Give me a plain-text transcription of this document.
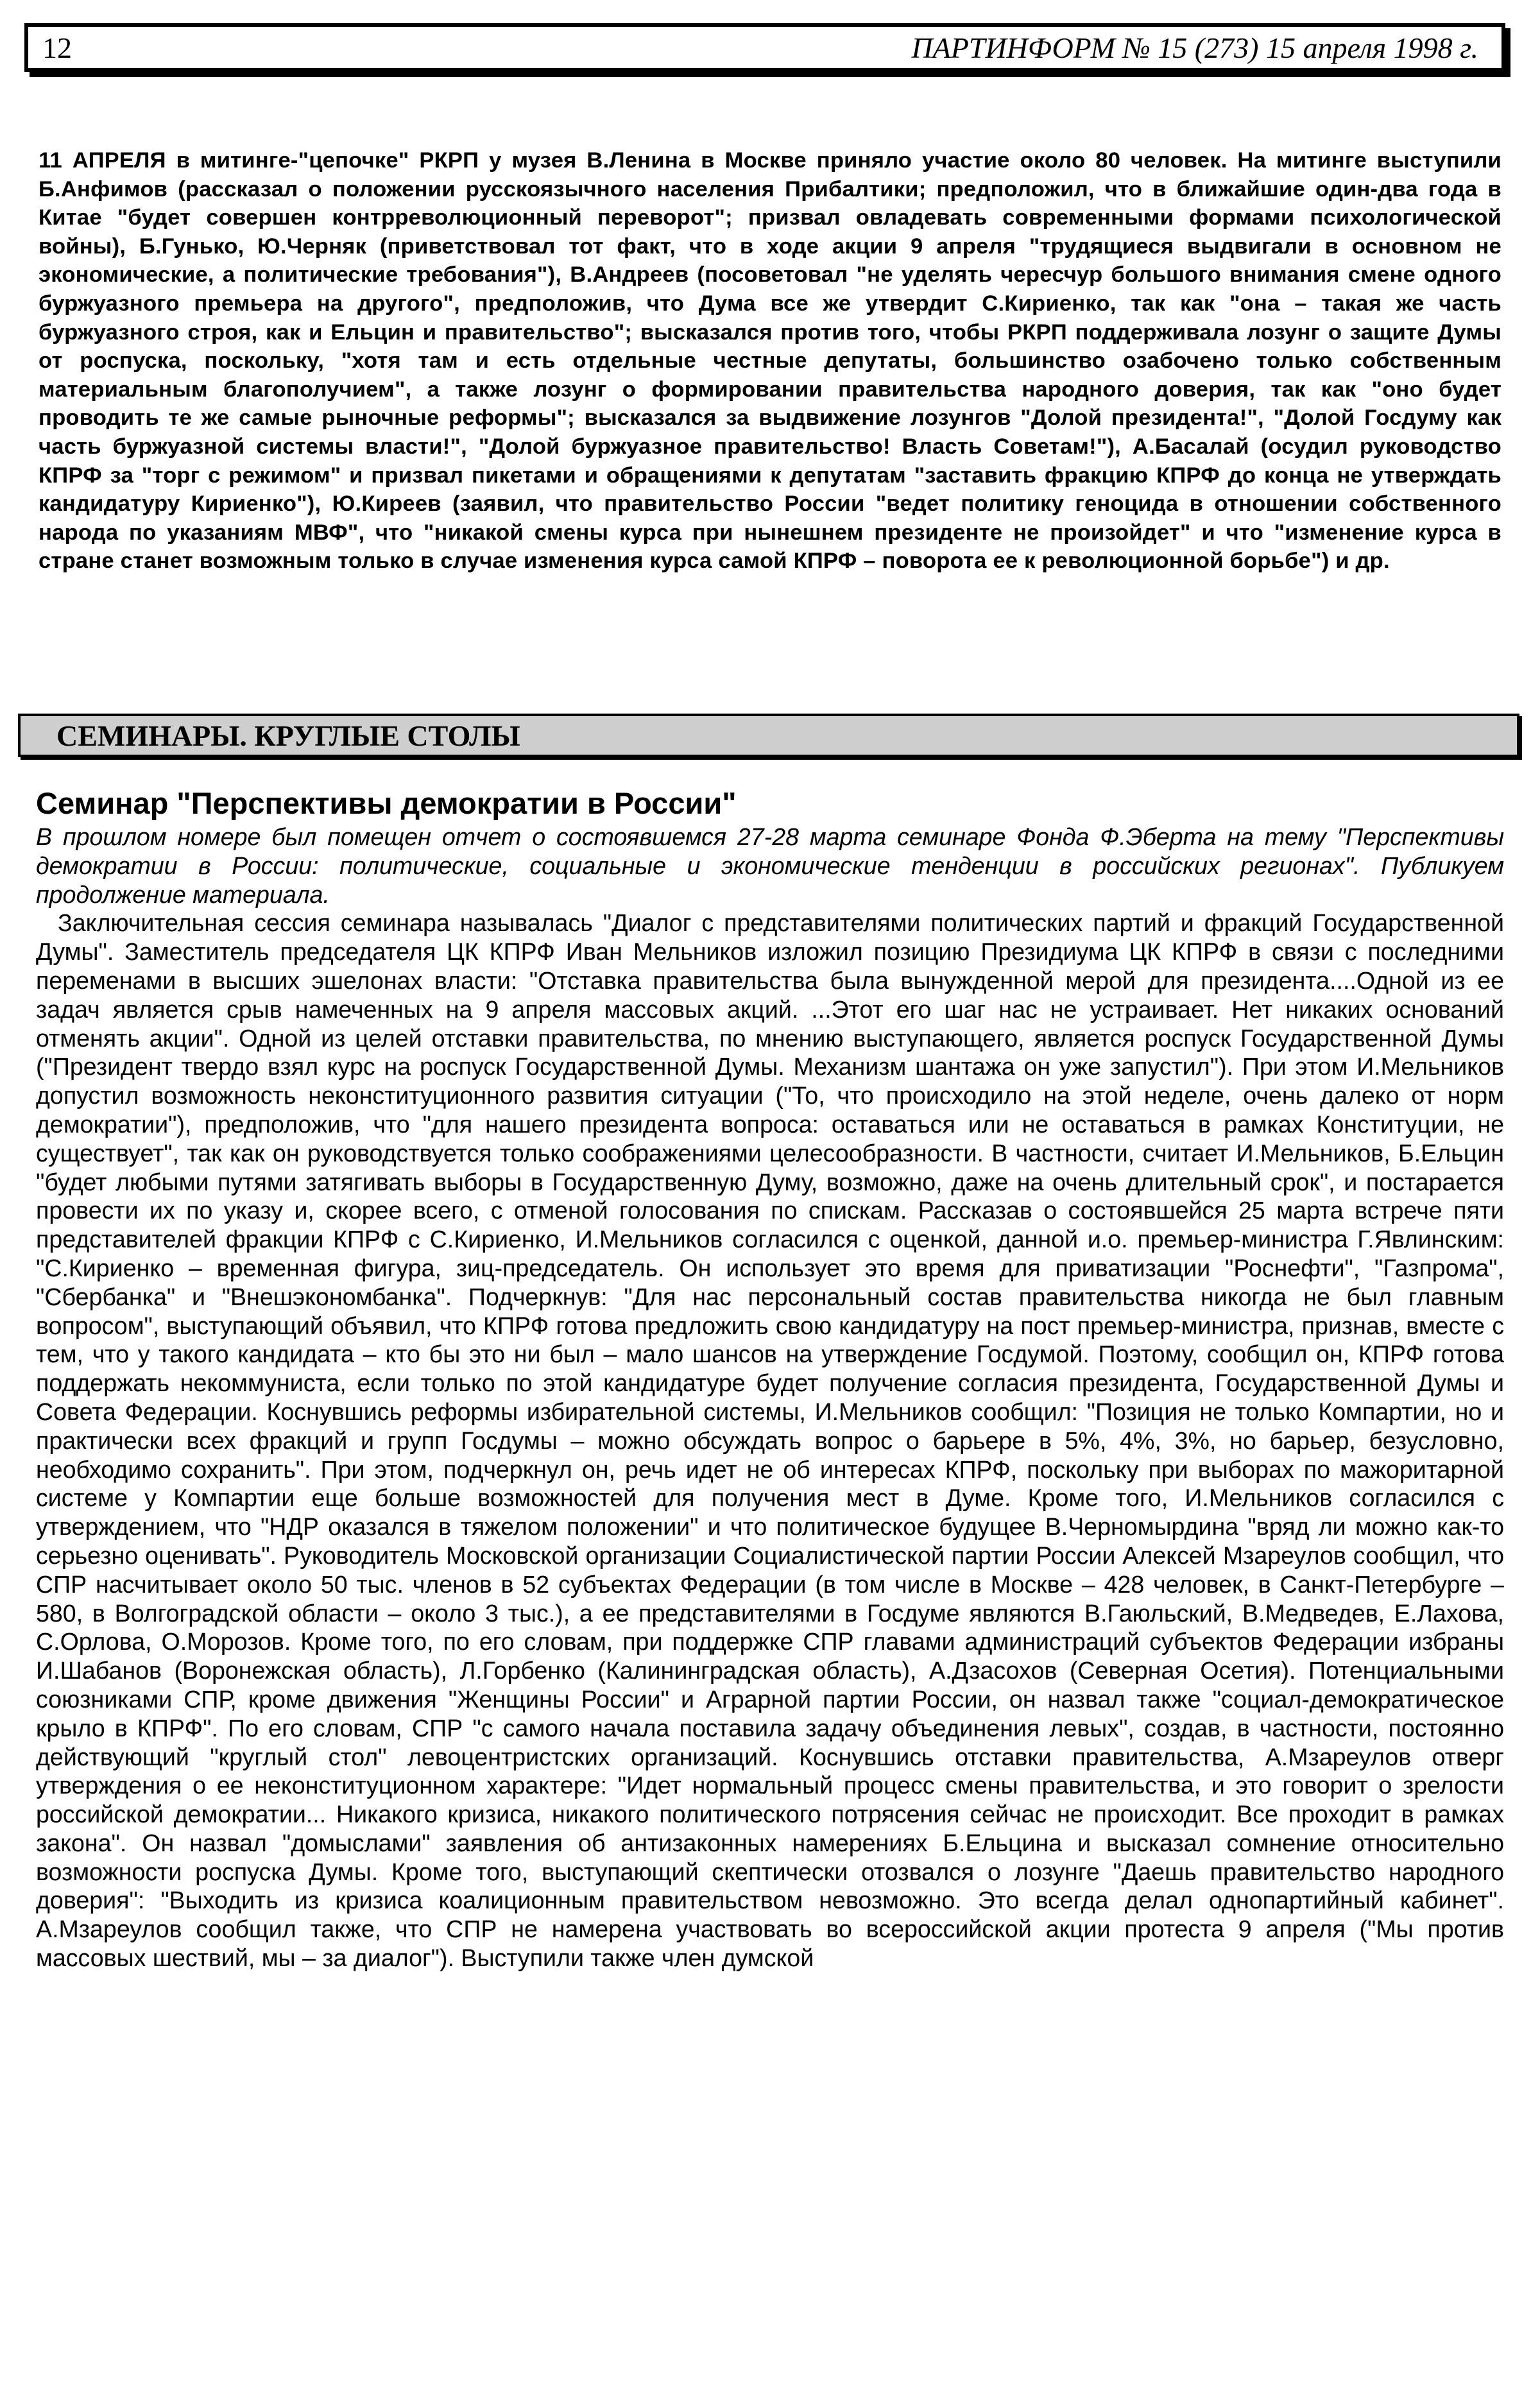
12	ПАРТИНФОРМ № 15 (273) 15 апреля 1998 г.

11 АПРЕЛЯ в митинге-"цепочке" РКРП у музея В.Ленина в Москве приняло участие около 80 человек. На митинге выступили Б.Анфимов (рассказал о положении русскоязычного населения Прибалтики; предположил, что в ближайшие один-два года в Китае "будет совершен контрреволюционный переворот"; призвал овладевать современными формами психологической войны), Б.Гунько, Ю.Черняк (приветствовал тот факт, что в ходе акции 9 апреля "трудящиеся выдвигали в основном не экономические, а политические требования"), В.Андреев (посоветовал "не уделять чересчур большого внимания смене одного буржуазного премьера на другого", предположив, что Дума все же утвердит С.Кириенко, так как "она – такая же часть буржуазного строя, как и Ельцин и правительство"; высказался против того, чтобы РКРП поддерживала лозунг о защите Думы от роспуска, поскольку, "хотя там и есть отдельные честные депутаты, большинство озабочено только собственным материальным благополучием", а также лозунг о формировании правительства народного доверия, так как "оно будет проводить те же самые рыночные реформы"; высказался за выдвижение лозунгов "Долой президента!", "Долой Госдуму как часть буржуазной системы власти!", "Долой буржуазное правительство! Власть Советам!"), А.Басалай (осудил руководство КПРФ за "торг с режимом" и призвал пикетами и обращениями к депутатам "заставить фракцию КПРФ до конца не утверждать кандидатуру Кириенко"), Ю.Киреев (заявил, что правительство России "ведет политику геноцида в отношении собственного народа по указаниям МВФ", что "никакой смены курса при нынешнем президенте не произойдет" и что "изменение курса в стране станет возможным только в случае изменения курса самой КПРФ – поворота ее к революционной борьбе") и др.

СЕМИНАРЫ. КРУГЛЫЕ СТОЛЫ
Семинар "Перспективы демократии в России"

В прошлом номере был помещен отчет о состоявшемся 27-28 марта семинаре Фонда Ф.Эберта на тему "Перспективы демократии в России: политические, социальные и экономические тенденции в российских регионах". Публикуем продолжение материала.

Заключительная сессия семинара называлась "Диалог с представителями политических партий и фракций Государственной Думы". Заместитель председателя ЦК КПРФ Иван Мельников изложил позицию Президиума ЦК КПРФ в связи с последними переменами в высших эшелонах власти: "Отставка правительства была вынужденной мерой для президента....Одной из ее задач является срыв намеченных на 9 апреля массовых акций. ...Этот его шаг нас не устраивает. Нет никаких оснований отменять акции". Одной из целей отставки правительства, по мнению выступающего, является роспуск Государственной Думы ("Президент твердо взял курс на роспуск Государственной Думы. Механизм шантажа он уже запустил"). При этом И.Мельников допустил возможность неконституционного развития ситуации ("То, что происходило на этой неделе, очень далеко от норм демократии"), предположив, что "для нашего президента вопроса: оставаться или не оставаться в рамках Конституции, не существует", так как он руководствуется только соображениями целесообразности. В частности, считает И.Мельников, Б.Ельцин "будет любыми путями затягивать выборы в Государственную Думу, возможно, даже на очень длительный срок", и постарается провести их по указу и, скорее всего, с отменой голосования по спискам. Рассказав о состоявшейся 25 марта встрече пяти представителей фракции КПРФ с С.Кириенко, И.Мельников согласился с оценкой, данной и.о. премьер-министра Г.Явлинским: "С.Кириенко – временная фигура, зиц-председатель. Он использует это время для приватизации "Роснефти", "Газпрома", "Сбербанка" и "Внешэкономбанка". Подчеркнув: "Для нас персональный состав правительства никогда не был главным вопросом", выступающий объявил, что КПРФ готова предложить свою кандидатуру на пост премьер-министра, признав, вместе с тем, что у такого кандидата – кто бы это ни был – мало шансов на утверждение Госдумой. Поэтому, сообщил он, КПРФ готова поддержать некоммуниста, если только по этой кандидатуре будет получение согласия президента, Государственной Думы и Совета Федерации. Коснувшись реформы избирательной системы, И.Мельников сообщил: "Позиция не только Компартии, но и практически всех фракций и групп Госдумы – можно обсуждать вопрос о барьере в 5%, 4%, 3%, но барьер, безусловно, необходимо сохранить". При этом, подчеркнул он, речь идет не об интересах КПРФ, поскольку при выборах по мажоритарной системе у Компартии еще больше возможностей для получения мест в Думе. Кроме того, И.Мельников согласился с утверждением, что "НДР оказался в тяжелом положении" и что политическое будущее В.Черномырдина "вряд ли можно как-то серьезно оценивать". Руководитель Московской организации Социалистической партии России Алексей Мзареулов сообщил, что СПР насчитывает около 50 тыс. членов в 52 субъектах Федерации (в том числе в Москве – 428 человек, в Санкт-Петербурге – 580, в Волгоградской области – около 3 тыс.), а ее представителями в Госдуме являются В.Гаюльский, В.Медведев, Е.Лахова, С.Орлова, О.Морозов. Кроме того, по его словам, при поддержке СПР главами администраций субъектов Федерации избраны И.Шабанов (Воронежская область), Л.Горбенко (Калининградская область), А.Дзасохов (Северная Осетия). Потенциальными союзниками СПР, кроме движения "Женщины России" и Аграрной партии России, он назвал также "социал-демократическое крыло в КПРФ". По его словам, СПР "с самого начала поставила задачу объединения левых", создав, в частности, постоянно действующий "круглый стол" левоцентристских организаций. Коснувшись отставки правительства, А.Мзареулов отверг утверждения о ее неконституционном характере: "Идет нормальный процесс смены правительства, и это говорит о зрелости российской демократии... Никакого кризиса, никакого политического потрясения сейчас не происходит. Все проходит в рамках закона". Он назвал "домыслами" заявления об антизаконных намерениях Б.Ельцина и высказал сомнение относительно возможности роспуска Думы. Кроме того, выступающий скептически отозвался о лозунге "Даешь правительство народного доверия": "Выходить из кризиса коалиционным правительством невозможно. Это всегда делал однопартийный кабинет". А.Мзареулов сообщил также, что СПР не намерена участвовать во всероссийской акции протеста 9 апреля ("Мы против массовых шествий, мы – за диалог"). Выступили также член думской
